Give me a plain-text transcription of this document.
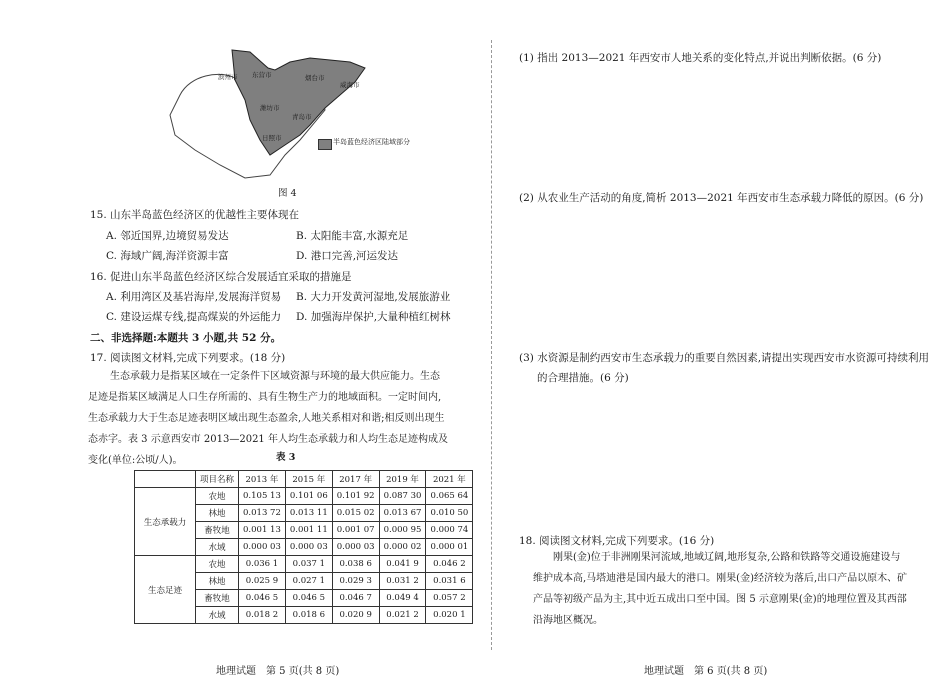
滨州市 东营市	烟台市
威海市
潍坊市
青岛市
日照市	半岛蓝色经济区陆域部分
图 4
15. 山东半岛蓝色经济区的优越性主要体现在
A. 邻近国界,边境贸易发达	B. 太阳能丰富,水源充足
C. 海域广阔,海洋资源丰富	D. 港口完善,河运发达
16. 促进山东半岛蓝色经济区综合发展适宜采取的措施是
A. 利用湾区及基岩海岸,发展海洋贸易 B. 大力开发黄河湿地,发展旅游业
C. 建设运煤专线,提高煤炭的外运能力 D. 加强海岸保护,大量种植红树林
二、非选择题:本题共 3 小题,共 52 分。
17. 阅读图文材料,完成下列要求。(18 分)
生态承载力是指某区域在一定条件下区域资源与环境的最大供应能力。生态足迹是指某区域满足人口生存所需的、具有生物生产力的地域面积。一定时间内,生态承载力大于生态足迹表明区域出现生态盈余,人地关系相对和谐;相反则出现生态赤字。表 3 示意西安市 2013—2021 年人均生态承载力和人均生态足迹构成及变化(单位:公顷/人)。	表 3
	项目名称	2013 年	2015 年	2017 年	2019 年	2021 年
生态承载力	农地	0.105 13	0.101 06	0.101 92	0.087 30	0.065 64
	林地	0.013 72	0.013 11	0.015 02	0.013 67	0.010 50
	畜牧地	0.001 13	0.001 11	0.001 07	0.000 95	0.000 74
	水域	0.000 03	0.000 03	0.000 03	0.000 02	0.000 01
生态足迹	农地	0.036 1	0.037 1	0.038 6	0.041 9	0.046 2
	林地	0.025 9	0.027 1	0.029 3	0.031 2	0.031 6
	畜牧地	0.046 5	0.046 5	0.046 7	0.049 4	0.057 2
	水域	0.018 2	0.018 6	0.020 9	0.021 2	0.020 1
地理试题　第 5 页(共 8 页)
(1) 指出 2013—2021 年西安市人地关系的变化特点,并说出判断依据。(6 分)
(2) 从农业生产活动的角度,简析 2013—2021 年西安市生态承载力降低的原因。(6 分)
(3) 水资源是制约西安市生态承载力的重要自然因素,请提出实现西安市水资源可持续利用
的合理措施。(6 分)
18. 阅读图文材料,完成下列要求。(16 分)
刚果(金)位于非洲刚果河流域,地域辽阔,地形复杂,公路和铁路等交通设施建设与维护成本高,马塔迪港是国内最大的港口。刚果(金)经济较为落后,出口产品以原木、矿产品等初级产品为主,其中近五成出口至中国。图 5 示意刚果(金)的地理位置及其西部沿海地区概况。
地理试题　第 6 页(共 8 页)
